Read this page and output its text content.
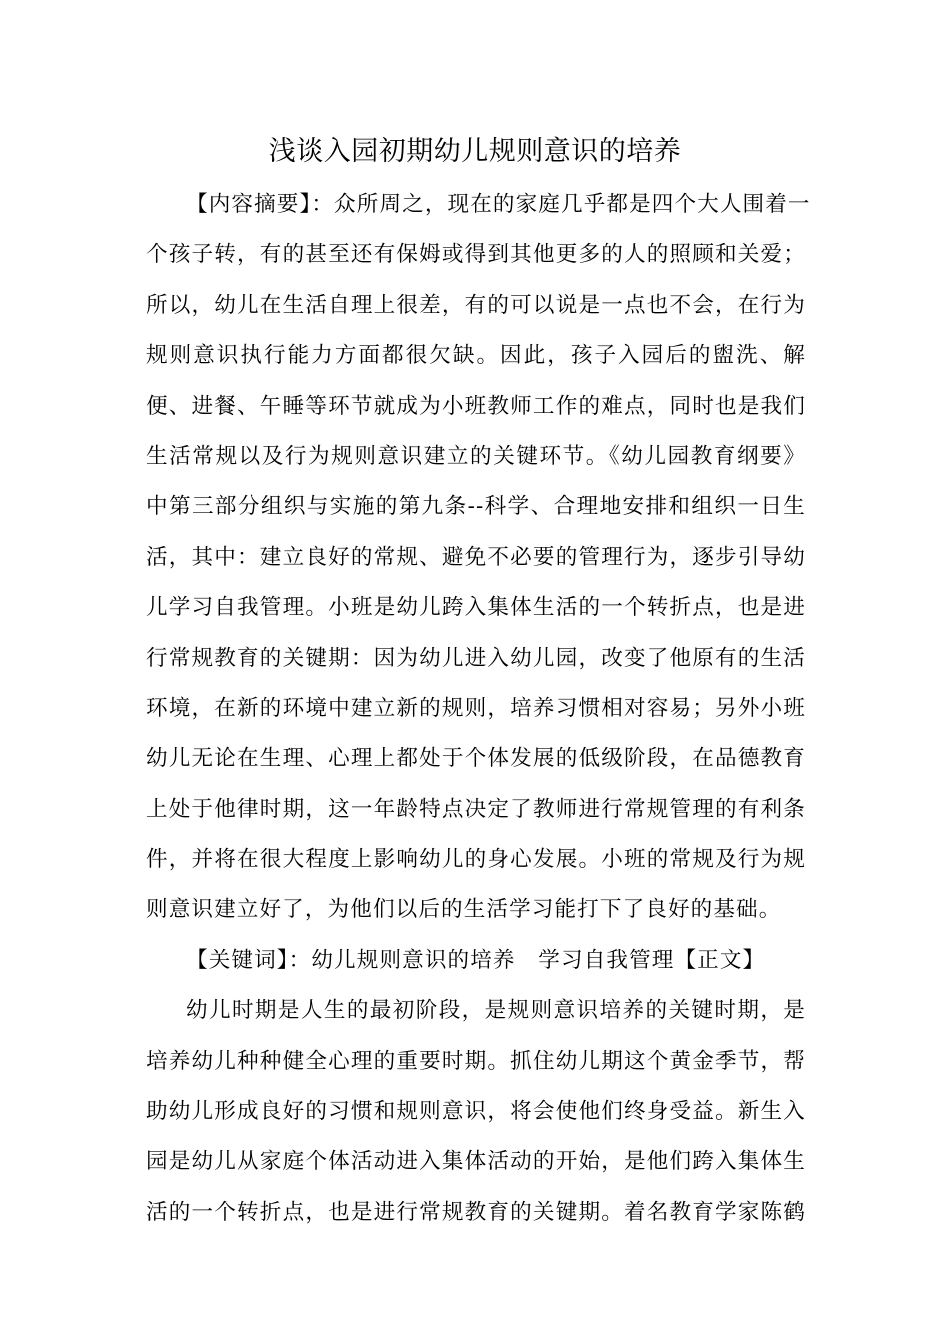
浅谈入园初期幼儿规则意识的培养
【内容摘要】：众所周之，现在的家庭几乎都是四个大人围着一
个孩子转，有的甚至还有保姆或得到其他更多的人的照顾和关爱；
所以，幼儿在生活自理上很差，有的可以说是一点也不会，在行为
规则意识执行能力方面都很欠缺。因此，孩子入园后的盥洗、解
便、进餐、午睡等环节就成为小班教师工作的难点，同时也是我们
生活常规以及行为规则意识建立的关键环节。《幼儿园教育纲要》
中第三部分组织与实施的第九条--科学、合理地安排和组织一日生
活，其中：建立良好的常规、避免不必要的管理行为，逐步引导幼
儿学习自我管理。小班是幼儿跨入集体生活的一个转折点，也是进
行常规教育的关键期：因为幼儿进入幼儿园，改变了他原有的生活
环境，在新的环境中建立新的规则，培养习惯相对容易；另外小班
幼儿无论在生理、心理上都处于个体发展的低级阶段，在品德教育
上处于他律时期，这一年龄特点决定了教师进行常规管理的有利条
件，并将在很大程度上影响幼儿的身心发展。小班的常规及行为规
则意识建立好了，为他们以后的生活学习能打下了良好的基础。
【关键词】：幼儿规则意识的培养　学习自我管理【正文】
幼儿时期是人生的最初阶段，是规则意识培养的关键时期，是
培养幼儿种种健全心理的重要时期。抓住幼儿期这个黄金季节，帮
助幼儿形成良好的习惯和规则意识，将会使他们终身受益。新生入
园是幼儿从家庭个体活动进入集体活动的开始，是他们跨入集体生
活的一个转折点，也是进行常规教育的关键期。着名教育学家陈鹤
